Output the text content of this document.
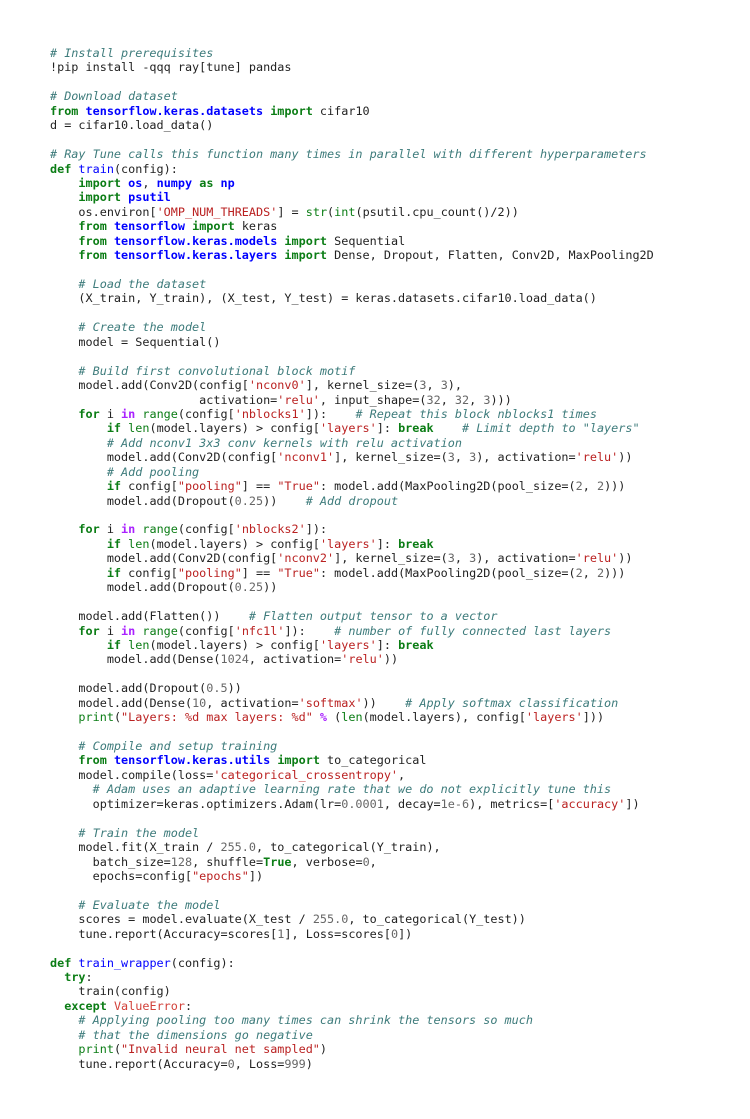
# Install prerequisites
!pip install -qqq ray[tune] pandas
# Download dataset
from tensorflow.keras.datasets import cifar10
d = cifar10.load_data()
# Ray Tune calls this function many times in parallel with different hyperparameters
def train(config):
import os, numpy as np
import psutil
os.environ['OMP_NUM_THREADS'] = str(int(psutil.cpu_count()/2))
from tensorflow import keras
from tensorflow.keras.models import Sequential
from tensorflow.keras.layers import Dense, Dropout, Flatten, Conv2D, MaxPooling2D
# Load the dataset
(X_train, Y_train), (X_test, Y_test) = keras.datasets.cifar10.load_data()
# Create the model
model = Sequential()
# Build first convolutional block motif
model.add(Conv2D(config['nconv0'], kernel_size=(3, 3),
activation='relu', input_shape=(32, 32, 3)))
for i in range(config['nblocks1']):    # Repeat this block nblocks1 times
if len(model.layers) > config['layers']: break # Limit depth to "layers"
# Add nconv1 3x3 conv kernels with relu activation
model.add(Conv2D(config['nconv1'], kernel_size=(3, 3), activation='relu'))
# Add pooling
if config["pooling"] == "True": model.add(MaxPooling2D(pool_size=(2, 2)))
model.add(Dropout(0.25))    # Add dropout
for i in range(config['nblocks2']):
if len(model.layers) > config['layers']: break
model.add(Conv2D(config['nconv2'], kernel_size=(3, 3), activation='relu'))
if config["pooling"] == "True": model.add(MaxPooling2D(pool_size=(2, 2)))
model.add(Dropout(0.25))
model.add(Flatten())    # Flatten output tensor to a vector
for i in range(config['nfc1l']):    # number of fully connected last layers
if len(model.layers) > config['layers']: break
model.add(Dense(1024, activation='relu'))
model.add(Dropout(0.5))
model.add(Dense(10, activation='softmax'))    # Apply softmax classification
print("Layers: %d max layers: %d" % (len(model.layers), config['layers']))
# Compile and setup training
from tensorflow.keras.utils import to_categorical
model.compile(loss='categorical_crossentropy',
# Adam uses an adaptive learning rate that we do not explicitly tune this
optimizer=keras.optimizers.Adam(lr=0.0001, decay=1e-6), metrics=['accuracy'])
# Train the model
model.fit(X_train / 255.0, to_categorical(Y_train),
batch_size=128, shuffle=True, verbose=0,
epochs=config["epochs"])
# Evaluate the model
scores = model.evaluate(X_test / 255.0, to_categorical(Y_test))
tune.report(Accuracy=scores[1], Loss=scores[0])
def train_wrapper(config):
try:
train(config)
except ValueError:
# Applying pooling too many times can shrink the tensors so much
# that the dimensions go negative
print("Invalid neural net sampled")
tune.report(Accuracy=0, Loss=999)
